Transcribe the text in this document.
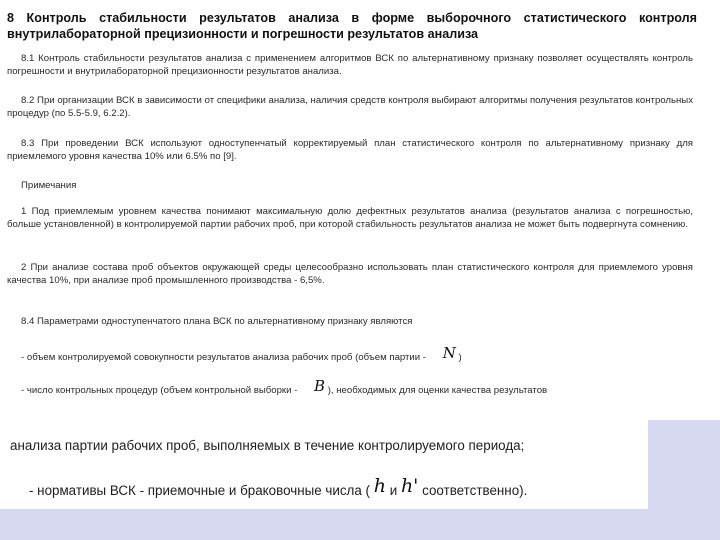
8 Контроль стабильности результатов анализа в форме выборочного статистического контроля внутрилабораторной прецизионности и погрешности результатов анализа
8.1 Контроль стабильности результатов анализа с применением алгоритмов ВСК по альтернативному признаку позволяет осуществлять контроль погрешности и внутрилабораторной прецизионности результатов анализа.
8.2 При организации ВСК в зависимости от специфики анализа, наличия средств контроля выбирают алгоритмы получения результатов контрольных процедур (по 5.5-5.9, 6.2.2).
8.3 При проведении ВСК используют одноступенчатый корректируемый план статистического контроля по альтернативному признаку для приемлемого уровня качества 10% или 6.5% по [9].
Примечания
1 Под приемлемым уровнем качества понимают максимальную долю дефектных результатов анализа (результатов анализа с погрешностью, больше установленной) в контролируемой партии рабочих проб, при которой стабильность результатов анализа не может быть подвергнута сомнению.
2 При анализе состава проб объектов окружающей среды целесообразно использовать план статистического контроля для приемлемого уровня качества 10%, при анализе проб промышленного производства - 6,5%.
8.4 Параметрами одноступенчатого плана ВСК по альтернативному признаку являются
- объем контролируемой совокупности результатов анализа рабочих проб (объем партии - N )
- число контрольных процедур (объем контрольной выборки - B ), необходимых для оценки качества результатов
анализа партии рабочих проб, выполняемых в течение контролируемого периода;
- нормативы ВСК - приемочные и браковочные числа ( h и h' соответственно).
